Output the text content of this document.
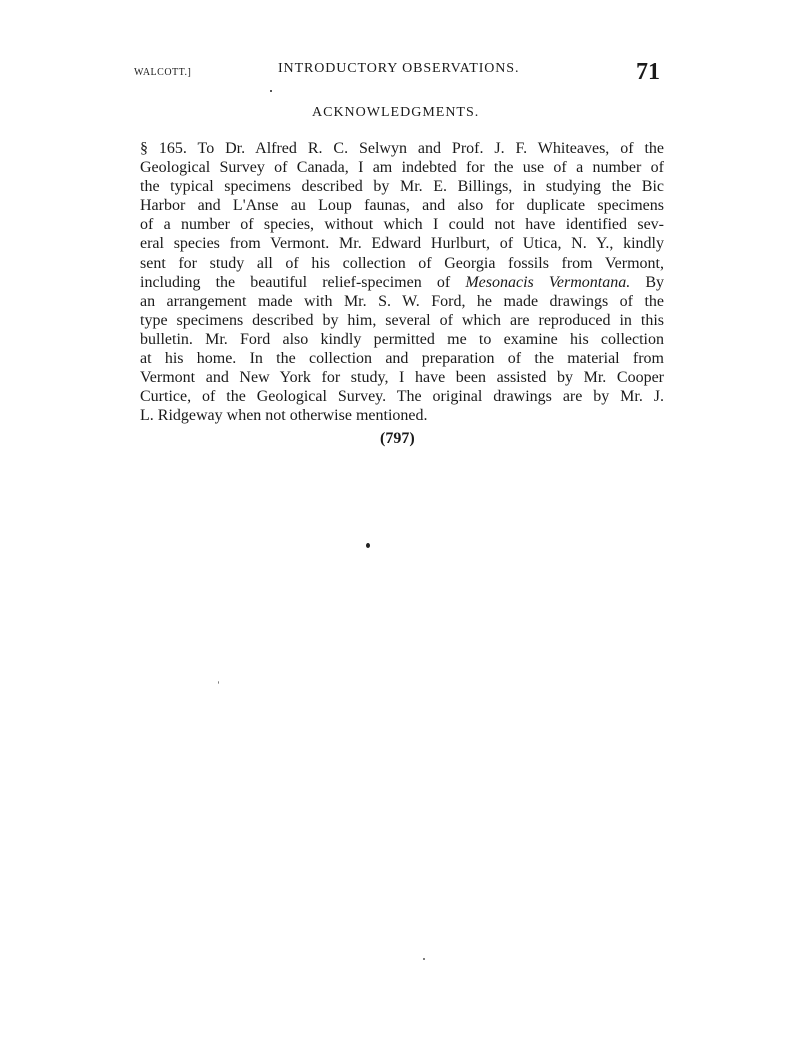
WALCOTT.]	INTRODUCTORY OBSERVATIONS.	71
ACKNOWLEDGMENTS.
§ 165. To Dr. Alfred R. C. Selwyn and Prof. J. F. Whiteaves, of the
Geological Survey of Canada, I am indebted for the use of a number of
the typical specimens described by Mr. E. Billings, in studying the Bic
Harbor and L'Anse au Loup faunas, and also for duplicate specimens
of a number of species, without which I could not have identified sev-
eral species from Vermont. Mr. Edward Hurlburt, of Utica, N. Y., kindly
sent for study all of his collection of Georgia fossils from Vermont,
including the beautiful relief-specimen of Mesonacis Vermontana. By
an arrangement made with Mr. S. W. Ford, he made drawings of the
type specimens described by him, several of which are reproduced in this
bulletin. Mr. Ford also kindly permitted me to examine his collection
at his home. In the collection and preparation of the material from
Vermont and New York for study, I have been assisted by Mr. Cooper
Curtice, of the Geological Survey. The original drawings are by Mr. J.
L. Ridgeway when not otherwise mentioned.
(797)
